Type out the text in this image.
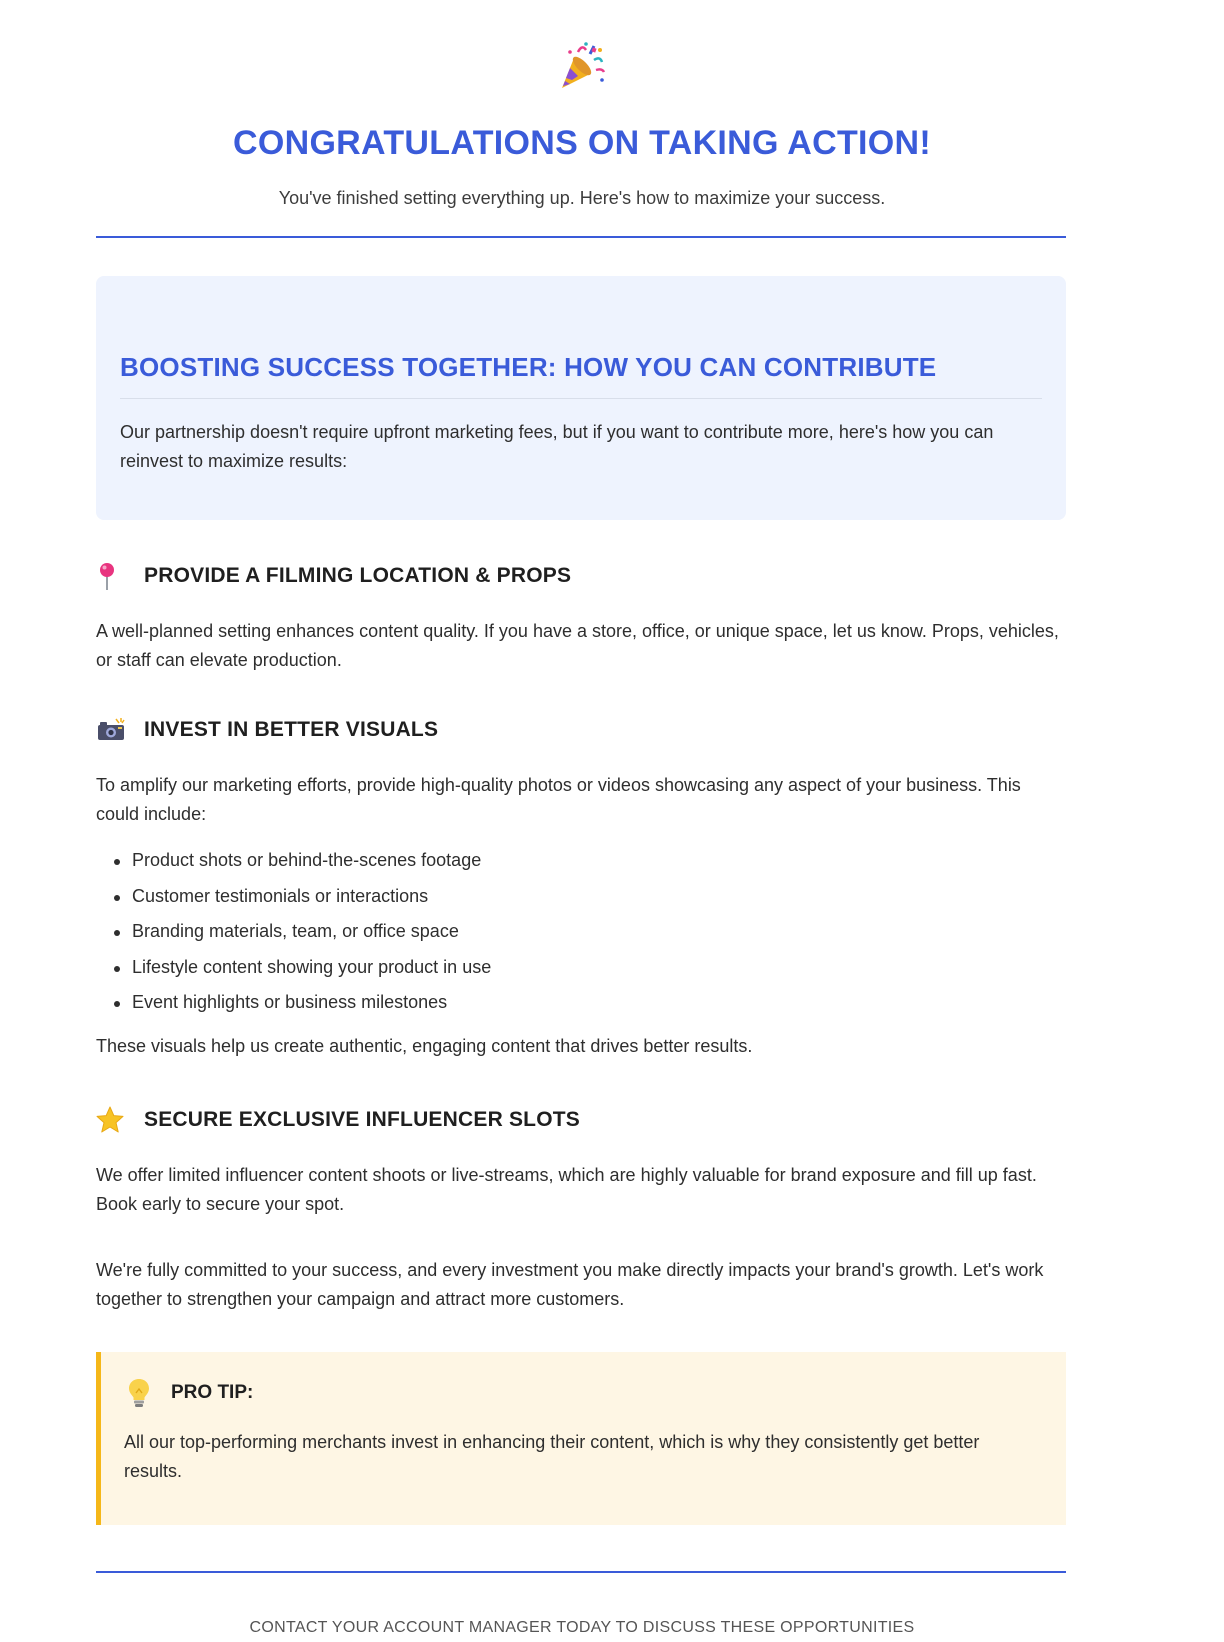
CONGRATULATIONS ON TAKING ACTION!

You've finished setting everything up. Here's how to maximize your success.

BOOSTING SUCCESS TOGETHER: HOW YOU CAN CONTRIBUTE

Our partnership doesn't require upfront marketing fees, but if you want to contribute more, here's how you can reinvest to maximize results:

PROVIDE A FILMING LOCATION & PROPS

A well-planned setting enhances content quality. If you have a store, office, or unique space, let us know. Props, vehicles, or staff can elevate production.

INVEST IN BETTER VISUALS

To amplify our marketing efforts, provide high-quality photos or videos showcasing any aspect of your business. This could include:

Product shots or behind-the-scenes footage
Customer testimonials or interactions
Branding materials, team, or office space
Lifestyle content showing your product in use
Event highlights or business milestones

These visuals help us create authentic, engaging content that drives better results.

SECURE EXCLUSIVE INFLUENCER SLOTS

We offer limited influencer content shoots or live-streams, which are highly valuable for brand exposure and fill up fast. Book early to secure your spot.

We're fully committed to your success, and every investment you make directly impacts your brand's growth. Let's work together to strengthen your campaign and attract more customers.

PRO TIP:

All our top-performing merchants invest in enhancing their content, which is why they consistently get better results.

CONTACT YOUR ACCOUNT MANAGER TODAY TO DISCUSS THESE OPPORTUNITIES
